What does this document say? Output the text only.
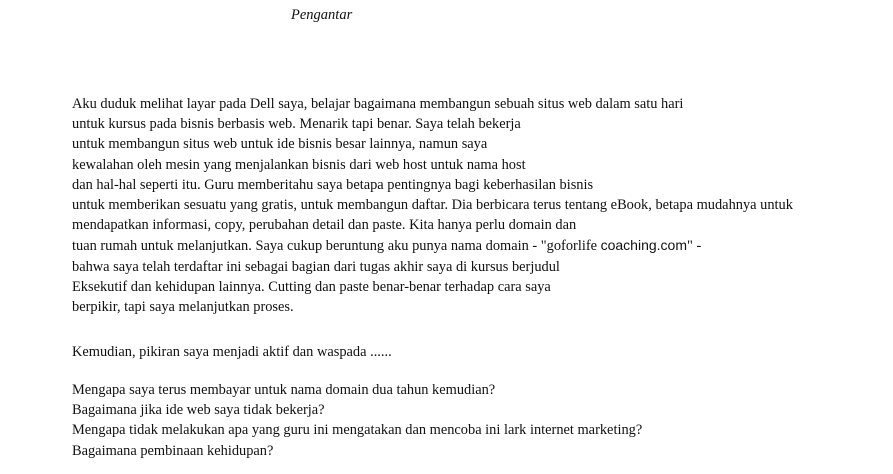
Pengantar

Aku duduk melihat layar pada Dell saya, belajar bagaimana membangun sebuah situs web dalam satu hari
untuk kursus pada bisnis berbasis web. Menarik tapi benar. Saya telah bekerja
untuk membangun situs web untuk ide bisnis besar lainnya, namun saya
kewalahan oleh mesin yang menjalankan bisnis dari web host untuk nama host
dan hal-hal seperti itu. Guru memberitahu saya betapa pentingnya bagi keberhasilan bisnis
untuk memberikan sesuatu yang gratis, untuk membangun daftar. Dia berbicara terus tentang eBook, betapa mudahnya untuk
mendapatkan informasi, copy, perubahan detail dan paste. Kita hanya perlu domain dan
tuan rumah untuk melanjutkan. Saya cukup beruntung aku punya nama domain - "goforlife coaching.com" -
bahwa saya telah terdaftar ini sebagai bagian dari tugas akhir saya di kursus berjudul
Eksekutif dan kehidupan lainnya. Cutting dan paste benar-benar terhadap cara saya
berpikir, tapi saya melanjutkan proses.

Kemudian, pikiran saya menjadi aktif dan waspada ......

Mengapa saya terus membayar untuk nama domain dua tahun kemudian?
Bagaimana jika ide web saya tidak bekerja?
Mengapa tidak melakukan apa yang guru ini mengatakan dan mencoba ini lark internet marketing?
Bagaimana pembinaan kehidupan?
